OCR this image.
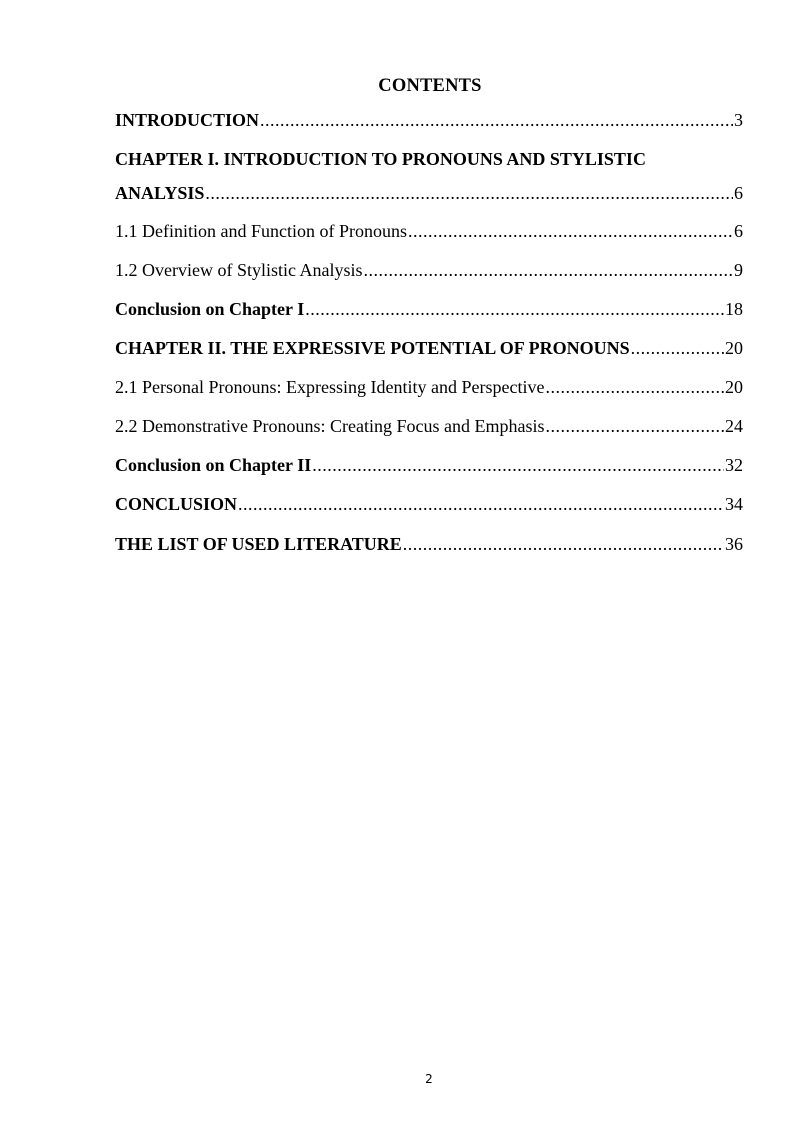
CONTENTS
INTRODUCTION .....	3
CHAPTER I. INTRODUCTION TO PRONOUNS AND STYLISTIC
ANALYSIS .....	6
1.1 Definition and Function of Pronouns .....	6
1.2 Overview of Stylistic Analysis .....	9
Conclusion on Chapter I .....	18
CHAPTER II. THE EXPRESSIVE POTENTIAL OF PRONOUNS .....	20
2.1 Personal Pronouns: Expressing Identity and Perspective .....	20
2.2 Demonstrative Pronouns: Creating Focus and Emphasis .....	24
Conclusion on Chapter II .....	32
CONCLUSION .....	34
THE LIST OF USED LITERATURE .....	36
2
